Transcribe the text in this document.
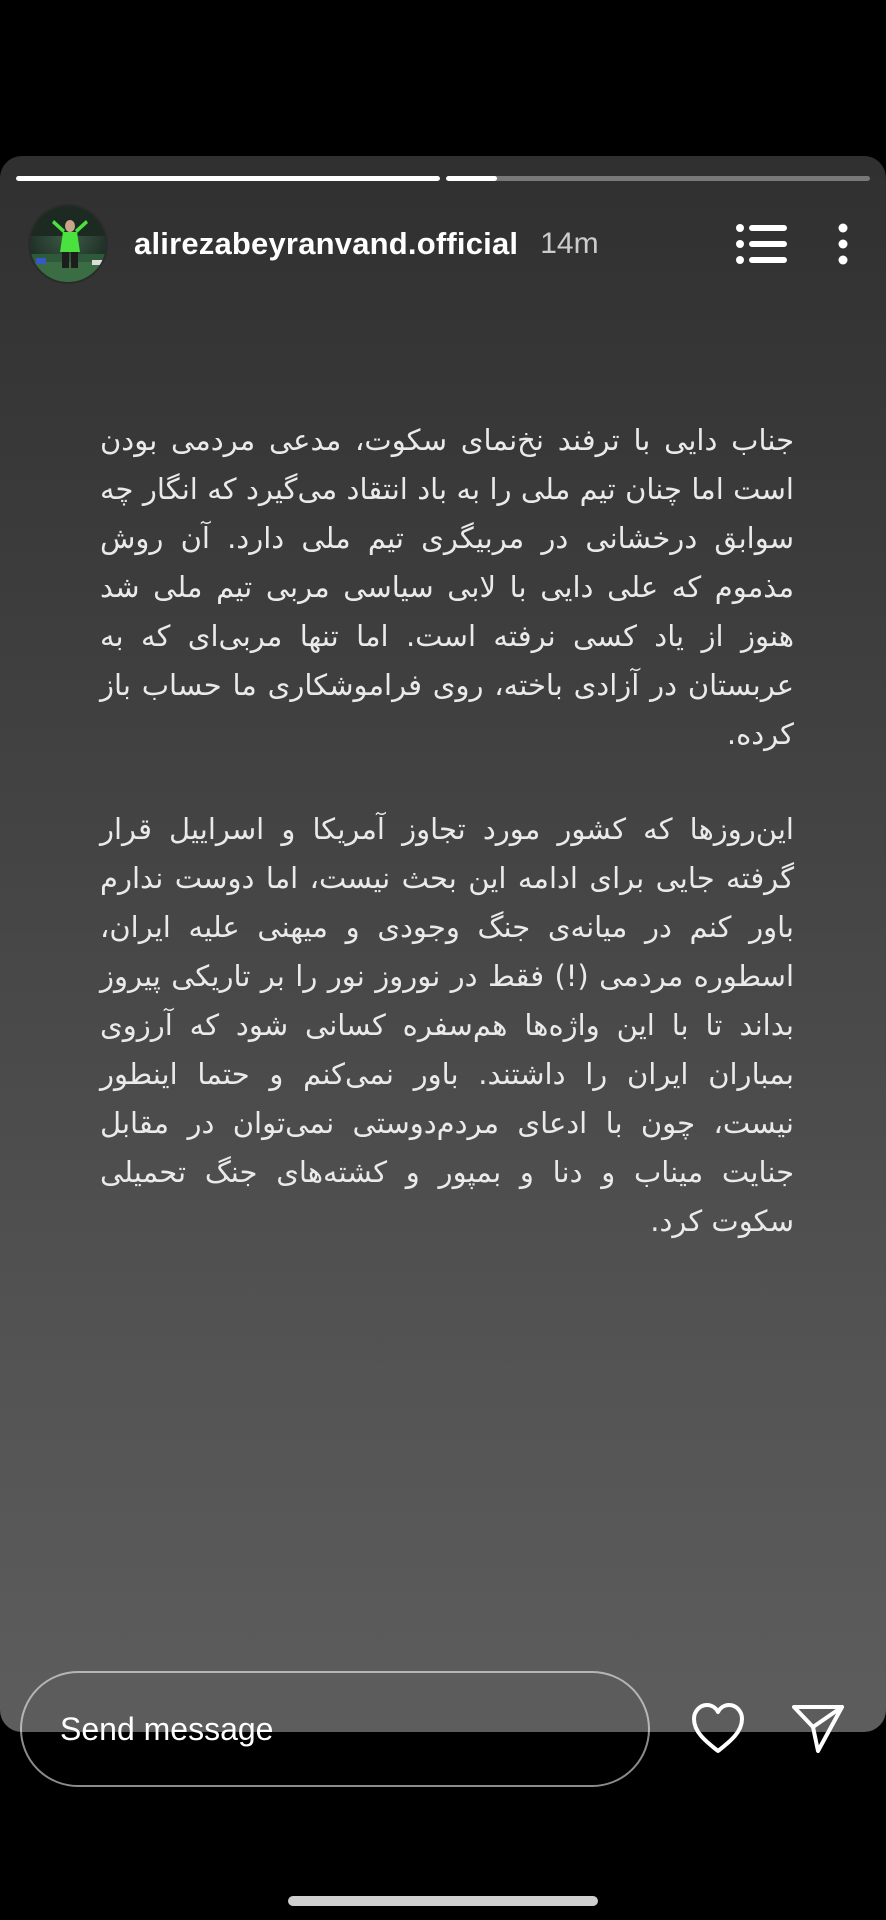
alirezabeyranvand.official 14m

جناب دایی با ترفند نخ‌نمای سکوت، مدعی مردمی بودن است اما چنان تیم ملی را به باد انتقاد می‌گیرد که انگار چه سوابق درخشانی در مربیگری تیم ملی دارد. آن روش مذموم که علی دایی با لابی سیاسی مربی تیم ملی شد هنوز از یاد کسی نرفته است. اما تنها مربی‌ای که به عربستان در آزادی باخته، روی فراموشکاری ما حساب باز کرده.

این‌روزها که کشور مورد تجاوز آمریکا و اسراییل قرار گرفته جایی برای ادامه این بحث نیست، اما دوست ندارم باور کنم در میانه‌ی جنگ وجودی و میهنی علیه ایران، اسطوره مردمی (!) فقط در نوروز نور را بر تاریکی پیروز بداند تا با این واژه‌ها هم‌سفره کسانی شود که آرزوی بمباران ایران را داشتند. باور نمی‌کنم و حتما اینطور نیست، چون با ادعای مردم‌دوستی نمی‌توان در مقابل جنایت میناب و دنا و بمپور و کشته‌های جنگ تحمیلی سکوت کرد.

Send message
